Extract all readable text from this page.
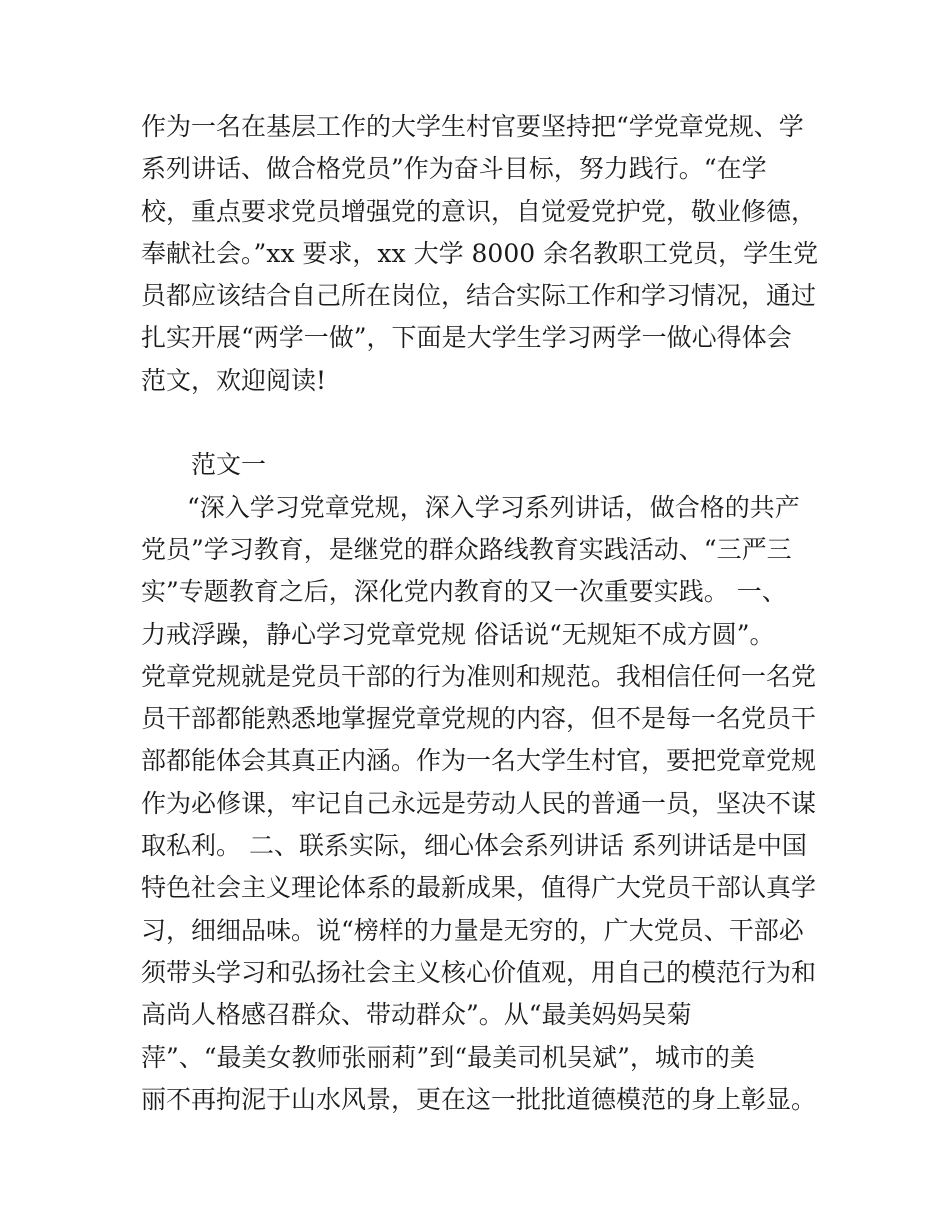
作为一名在基层工作的大学生村官要坚持把“学党章党规、学
系列讲话、做合格党员”作为奋斗目标，努力践行。“在学
校，重点要求党员增强党的意识，自觉爱党护党，敬业修德，
奉献社会。”xx 要求，xx 大学 8000 余名教职工党员，学生党
员都应该结合自己所在岗位，结合实际工作和学习情况，通过
扎实开展“两学一做”，下面是大学生学习两学一做心得体会
范文，欢迎阅读!
范文一
“深入学习党章党规，深入学习系列讲话，做合格的共产
党员”学习教育，是继党的群众路线教育实践活动、“三严三
实”专题教育之后，深化党内教育的又一次重要实践。 一、
力戒浮躁，静心学习党章党规 俗话说“无规矩不成方圆”。
党章党规就是党员干部的行为准则和规范。我相信任何一名党
员干部都能熟悉地掌握党章党规的内容，但不是每一名党员干
部都能体会其真正内涵。作为一名大学生村官，要把党章党规
作为必修课，牢记自己永远是劳动人民的普通一员，坚决不谋
取私利。 二、联系实际，细心体会系列讲话 系列讲话是中国
特色社会主义理论体系的最新成果，值得广大党员干部认真学
习，细细品味。说“榜样的力量是无穷的，广大党员、干部必
须带头学习和弘扬社会主义核心价值观，用自己的模范行为和
高尚人格感召群众、带动群众”。从“最美妈妈吴菊
萍”、“最美女教师张丽莉”到“最美司机吴斌”，城市的美
丽不再拘泥于山水风景，更在这一批批道德模范的身上彰显。
